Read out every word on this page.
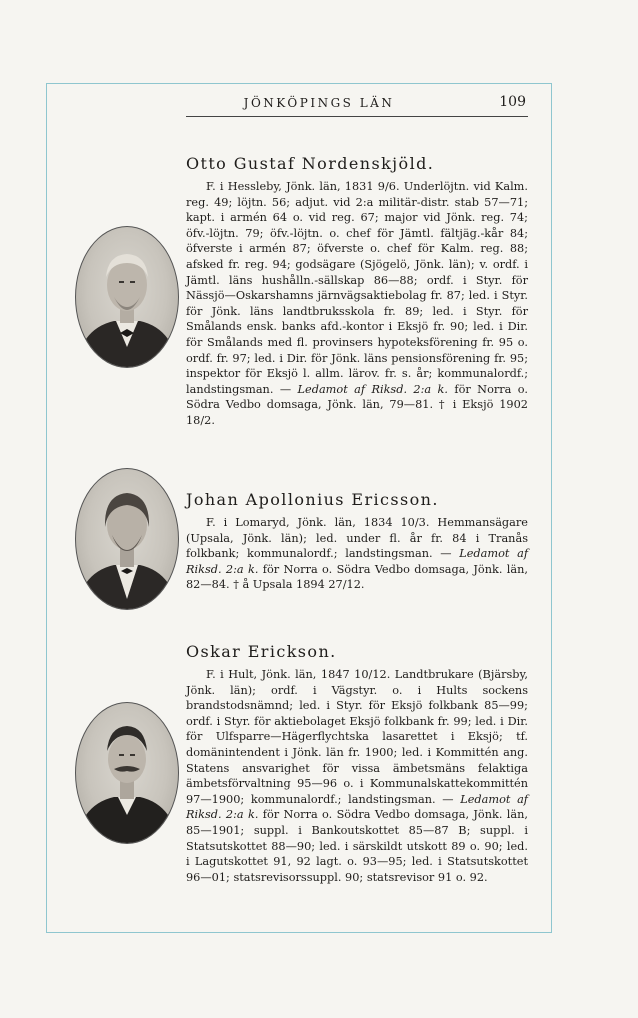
JÖNKÖPINGS LÄN	109
Otto Gustaf Nordenskjöld.

F. i Hessleby, Jönk. län, 1831 9/6. Underlöjtn. vid Kalm. reg. 49; löjtn. 56; adjut. vid 2:a militär-distr. stab 57—71; kapt. i armén 64 o. vid reg. 67; major vid Jönk. reg. 74; öfv.-löjtn. 79; öfv.-löjtn. o. chef för Jämtl. fältjäg.-kår 84; öfverste i armén 87; öfverste o. chef för Kalm. reg. 88; afsked fr. reg. 94; godsägare (Sjögelö, Jönk. län); v. ordf. i Jämtl. läns hushålln.-sällskap 86—88; ordf. i Styr. för Nässjö—Oskarshamns järnvägsaktiebolag fr. 87; led. i Styr. för Jönk. läns landtbruksskola fr. 89; led. i Styr. för Smålands ensk. banks afd.-kontor i Eksjö fr. 90; led. i Dir. för Smålands med fl. provinsers hypoteksförening fr. 95 o. ordf. fr. 97; led. i Dir. för Jönk. läns pensionsförening fr. 95; inspektor för Eksjö l. allm. lärov. fr. s. år; kommunalordf.; landstingsman. — Ledamot af Riksd. 2:a k. för Norra o. Södra Vedbo domsaga, Jönk. län, 79—81. † i Eksjö 1902 18/2.

Johan Apollonius Ericsson.

F. i Lomaryd, Jönk. län, 1834 10/3. Hemmansägare (Upsala, Jönk. län); led. under fl. år fr. 84 i Tranås folkbank; kommunalordf.; landstingsman. — Ledamot af Riksd. 2:a k. för Norra o. Södra Vedbo domsaga, Jönk. län, 82—84. † å Upsala 1894 27/12.

Oskar Erickson.

F. i Hult, Jönk. län, 1847 10/12. Landtbrukare (Bjärsby, Jönk. län); ordf. i Vägstyr. o. i Hults sockens brandstodsnämnd; led. i Styr. för Eksjö folkbank 85—99; ordf. i Styr. för aktiebolaget Eksjö folkbank fr. 99; led. i Dir. för Ulfsparre—Hägerflychtska lasarettet i Eksjö; tf. domänintendent i Jönk. län fr. 1900; led. i Kommittén ang. Statens ansvarighet för vissa ämbetsmäns felaktiga ämbetsförvaltning 95—96 o. i Kommunalskattekommittén 97—1900; kommunalordf.; landstingsman. — Ledamot af Riksd. 2:a k. för Norra o. Södra Vedbo domsaga, Jönk. län, 85—1901; suppl. i Bankoutskottet 85—87 B; suppl. i Statsutskottet 88—90; led. i särskildt utskott 89 o. 90; led. i Lagutskottet 91, 92 lagt. o. 93—95; led. i Statsutskottet 96—01; statsrevisorssuppl. 90; statsrevisor 91 o. 92.
